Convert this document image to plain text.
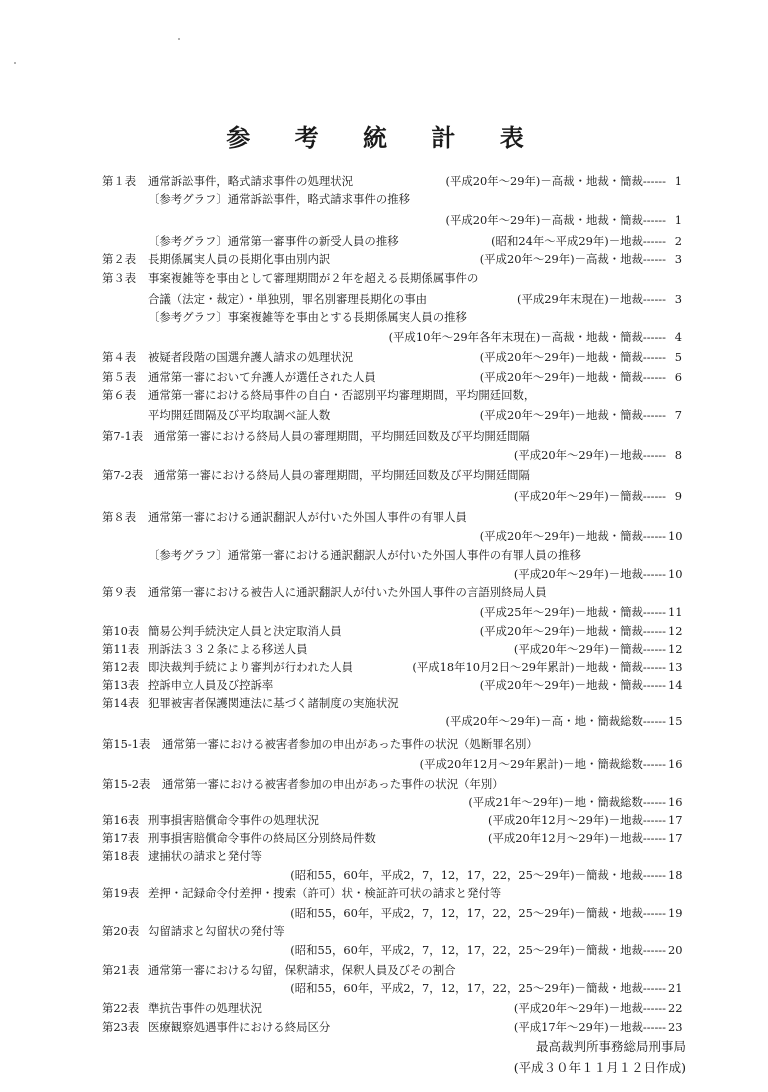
参 考 統 計 表
第１表 通常訴訟事件，略式請求事件の処理状況	(平成20年～29年)－高裁・地裁・簡裁------ 1
〔参考グラフ〕通常訴訟事件，略式請求事件の推移
(平成20年～29年)－高裁・地裁・簡裁------ 1
〔参考グラフ〕通常第一審事件の新受人員の推移	(昭和24年～平成29年)－地裁------ 2
第２表 長期係属実人員の長期化事由別内訳	(平成20年～29年)－高裁・地裁------ 3
第３表 事案複雑等を事由として審理期間が２年を超える長期係属事件の
合議（法定・裁定）・単独別，罪名別審理長期化の事由	(平成29年末現在)－地裁------ 3
〔参考グラフ〕事案複雑等を事由とする長期係属実人員の推移
(平成10年～29年各年末現在)－高裁・地裁・簡裁------ 4
第４表 被疑者段階の国選弁護人請求の処理状況	(平成20年～29年)－地裁・簡裁------ 5
第５表 通常第一審において弁護人が選任された人員	(平成20年～29年)－地裁・簡裁------ 6
第６表 通常第一審における終局事件の自白・否認別平均審理期間，平均開廷回数，
平均開廷間隔及び平均取調べ証人数	(平成20年～29年)－地裁・簡裁------ 7
第7-1表 通常第一審における終局人員の審理期間，平均開廷回数及び平均開廷間隔
(平成20年～29年)－地裁------ 8
第7-2表 通常第一審における終局人員の審理期間，平均開廷回数及び平均開廷間隔
(平成20年～29年)－簡裁------ 9
第８表 通常第一審における通訳翻訳人が付いた外国人事件の有罪人員
(平成20年～29年)－地裁・簡裁------ 10
〔参考グラフ〕通常第一審における通訳翻訳人が付いた外国人事件の有罪人員の推移
(平成20年～29年)－地裁------ 10
第９表 通常第一審における被告人に通訳翻訳人が付いた外国人事件の言語別終局人員
(平成25年～29年)－地裁・簡裁------ 11
第10表 簡易公判手続決定人員と決定取消人員	(平成20年～29年)－地裁・簡裁------ 12
第11表 刑訴法３３２条による移送人員	(平成20年～29年)－簡裁------ 12
第12表 即決裁判手続により審判が行われた人員	(平成18年10月2日～29年累計)－地裁・簡裁------ 13
第13表 控訴申立人員及び控訴率	(平成20年～29年)－地裁・簡裁------ 14
第14表 犯罪被害者保護関連法に基づく諸制度の実施状況
(平成20年～29年)－高・地・簡裁総数------ 15
第15-1表 通常第一審における被害者参加の申出があった事件の状況（処断罪名別）
(平成20年12月～29年累計)－地・簡裁総数------ 16
第15-2表 通常第一審における被害者参加の申出があった事件の状況（年別）
(平成21年～29年)－地・簡裁総数------ 16
第16表 刑事損害賠償命令事件の処理状況	(平成20年12月～29年)－地裁------ 17
第17表 刑事損害賠償命令事件の終局区分別終局件数	(平成20年12月～29年)－地裁------ 17
第18表 逮捕状の請求と発付等
(昭和55，60年，平成2，7，12，17，22，25～29年)－簡裁・地裁------ 18
第19表 差押・記録命令付差押・捜索（許可）状・検証許可状の請求と発付等
(昭和55，60年，平成2，7，12，17，22，25～29年)－簡裁・地裁------ 19
第20表 勾留請求と勾留状の発付等
(昭和55，60年，平成2，7，12，17，22，25～29年)－簡裁・地裁------ 20
第21表 通常第一審における勾留，保釈請求，保釈人員及びその割合
(昭和55，60年，平成2，7，12，17，22，25～29年)－簡裁・地裁------ 21
第22表 準抗告事件の処理状況	(平成20年～29年)－地裁------ 22
第23表 医療観察処遇事件における終局区分	(平成17年～29年)－地裁------ 23
最高裁判所事務総局刑事局
(平成３０年１１月１２日作成)
